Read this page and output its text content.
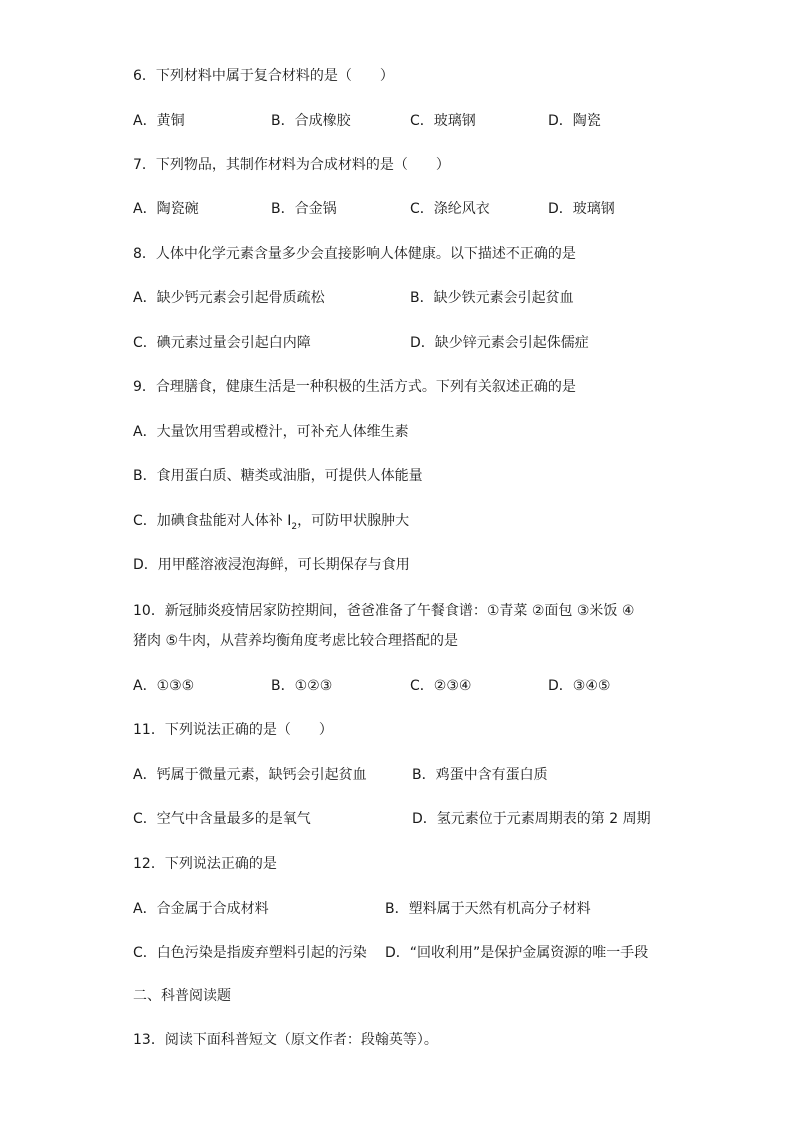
6．下列材料中属于复合材料的是（　　）
A．黄铜	B．合成橡胶	C．玻璃钢	D．陶瓷
7．下列物品，其制作材料为合成材料的是（　　）
A．陶瓷碗	B．合金锅	C．涤纶风衣	D．玻璃钢
8．人体中化学元素含量多少会直接影响人体健康。以下描述不正确的是
A．缺少钙元素会引起骨质疏松	B．缺少铁元素会引起贫血
C．碘元素过量会引起白内障	D．缺少锌元素会引起侏儒症
9．合理膳食，健康生活是一种积极的生活方式。下列有关叙述正确的是
A．大量饮用雪碧或橙汁，可补充人体维生素
B．食用蛋白质、糖类或油脂，可提供人体能量
C．加碘食盐能对人体补 $I_2$，可防甲状腺肿大
D．用甲醛溶液浸泡海鲜，可长期保存与食用
10．新冠肺炎疫情居家防控期间，爸爸准备了午餐食谱：①青菜 ②面包 ③米饭 ④
猪肉 ⑤牛肉，从营养均衡角度考虑比较合理搭配的是
A．①③⑤	B．①②③	C．②③④	D．③④⑤
11．下列说法正确的是（　　）
A．钙属于微量元素，缺钙会引起贫血	B．鸡蛋中含有蛋白质
C．空气中含量最多的是氧气	D．氢元素位于元素周期表的第 2 周期
12．下列说法正确的是
A．合金属于合成材料	B．塑料属于天然有机高分子材料
C．白色污染是指废弃塑料引起的污染 D．“回收利用”是保护金属资源的唯一手段
二、科普阅读题
13．阅读下面科普短文（原文作者：段翰英等）。
